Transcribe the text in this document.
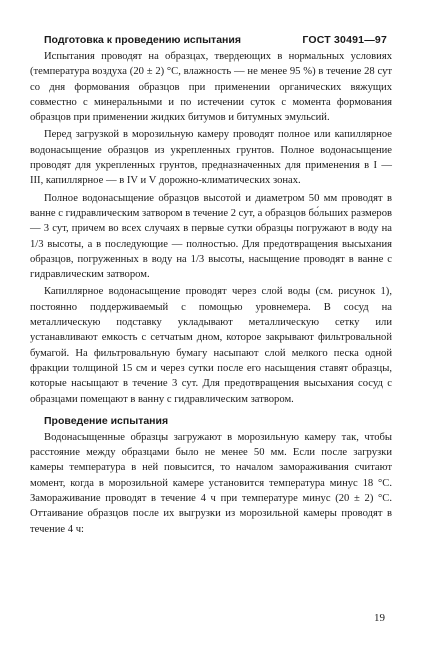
ГОСТ 30491—97

Подготовка к проведению испытания

Испытания проводят на образцах, твердеющих в нормальных условиях (температура воздуха (20 ± 2) °С, влажность — не менее 95 %) в течение 28 сут со дня формования образцов при применении органических вяжущих совместно с минеральными и по истечении суток с момента формования образцов при применении жидких битумов и битумных эмульсий.

Перед загрузкой в морозильную камеру проводят полное или капиллярное водонасыщение образцов из укрепленных грунтов. Полное водонасыщение проводят для укрепленных грунтов, предназначенных для применения в I — III, капиллярное — в IV и V дорожно-климатических зонах.

Полное водонасыщение образцов высотой и диаметром 50 мм проводят в ванне с гидравлическим затвором в течение 2 сут, а образцов бо́льших размеров — 3 сут, причем во всех случаях в первые сутки образцы погружают в воду на 1/3 высоты, а в последующие — полностью. Для предотвращения высыхания образцов, погруженных в воду на 1/3 высоты, насыщение проводят в ванне с гидравлическим затвором.

Капиллярное водонасыщение проводят через слой воды (см. рисунок 1), постоянно поддерживаемый с помощью уровнемера. В сосуд на металлическую подставку укладывают металлическую сетку или устанавливают емкость с сетчатым дном, которое закрывают фильтровальной бумагой. На фильтровальную бумагу насыпают слой мелкого песка одной фракции толщиной 15 см и через сутки после его насыщения ставят образцы, которые насыщают в течение 3 сут. Для предотвращения высыхания сосуд с образцами помещают в ванну с гидравлическим затвором.

Проведение испытания

Водонасыщенные образцы загружают в морозильную камеру так, чтобы расстояние между образцами было не менее 50 мм. Если после загрузки камеры температура в ней повысится, то началом замораживания считают момент, когда в морозильной камере установится температура минус 18 °С. Замораживание проводят в течение 4 ч при температуре минус (20 ± 2) °С. Оттаивание образцов после их выгрузки из морозильной камеры проводят в течение 4 ч:

19
